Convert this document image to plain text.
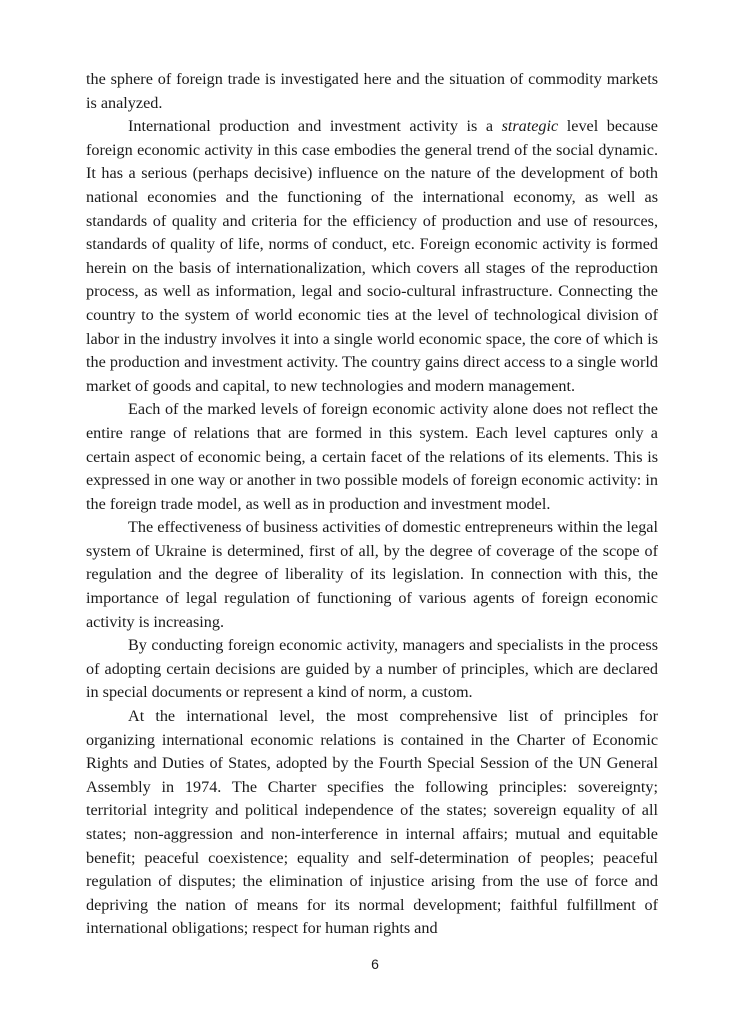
the sphere of foreign trade is investigated here and the situation of commodity markets is analyzed.

International production and investment activity is a strategic level because foreign economic activity in this case embodies the general trend of the social dynamic. It has a serious (perhaps decisive) influence on the nature of the development of both national economies and the functioning of the international economy, as well as standards of quality and criteria for the efficiency of production and use of resources, standards of quality of life, norms of conduct, etc. Foreign economic activity is formed herein on the basis of internationalization, which covers all stages of the reproduction process, as well as information, legal and socio-cultural infrastructure. Connecting the country to the system of world economic ties at the level of technological division of labor in the industry involves it into a single world economic space, the core of which is the production and investment activity. The country gains direct access to a single world market of goods and capital, to new technologies and modern management.

Each of the marked levels of foreign economic activity alone does not reflect the entire range of relations that are formed in this system. Each level captures only a certain aspect of economic being, a certain facet of the relations of its elements. This is expressed in one way or another in two possible models of foreign economic activity: in the foreign trade model, as well as in production and investment model.

The effectiveness of business activities of domestic entrepreneurs within the legal system of Ukraine is determined, first of all, by the degree of coverage of the scope of regulation and the degree of liberality of its legislation. In connection with this, the importance of legal regulation of functioning of various agents of foreign economic activity is increasing.

By conducting foreign economic activity, managers and specialists in the process of adopting certain decisions are guided by a number of principles, which are declared in special documents or represent a kind of norm, a custom.

At the international level, the most comprehensive list of principles for organizing international economic relations is contained in the Charter of Economic Rights and Duties of States, adopted by the Fourth Special Session of the UN General Assembly in 1974. The Charter specifies the following principles: sovereignty; territorial integrity and political independence of the states; sovereign equality of all states; non-aggression and non-interference in internal affairs; mutual and equitable benefit; peaceful coexistence; equality and self-determination of peoples; peaceful regulation of disputes; the elimination of injustice arising from the use of force and depriving the nation of means for its normal development; faithful fulfillment of international obligations; respect for human rights and

6
